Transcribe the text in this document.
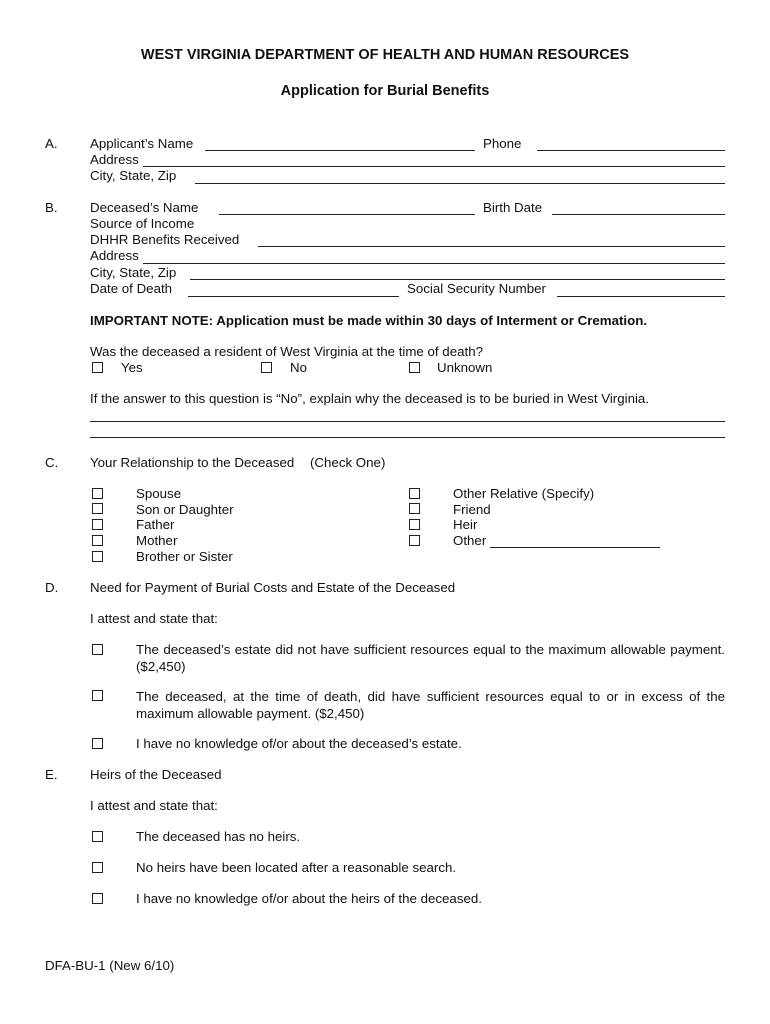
WEST VIRGINIA DEPARTMENT OF HEALTH AND HUMAN RESOURCES
Application for Burial Benefits
A. Applicant’s Name	Phone
Address
City, State, Zip
B. Deceased’s Name	Birth Date
Source of Income
DHHR Benefits Received
Address
City, State, Zip
Date of Death	Social Security Number
IMPORTANT NOTE: Application must be made within 30 days of Interment or Cremation.
Was the deceased a resident of West Virginia at the time of death?
Yes	No	Unknown
If the answer to this question is “No”, explain why the deceased is to be buried in West Virginia.
C. Your Relationship to the Deceased (Check One)
Spouse
Son or Daughter
Father
Mother
Brother or Sister
Other Relative (Specify)
Friend
Heir
Other
D. Need for Payment of Burial Costs and Estate of the Deceased
I attest and state that:
The deceased’s estate did not have sufficient resources equal to the maximum allowable payment. ($2,450)
The deceased, at the time of death, did have sufficient resources equal to or in excess of the maximum allowable payment. ($2,450)
I have no knowledge of/or about the deceased’s estate.
E. Heirs of the Deceased
I attest and state that:
The deceased has no heirs.
No heirs have been located after a reasonable search.
I have no knowledge of/or about the heirs of the deceased.
DFA-BU-1 (New 6/10)
